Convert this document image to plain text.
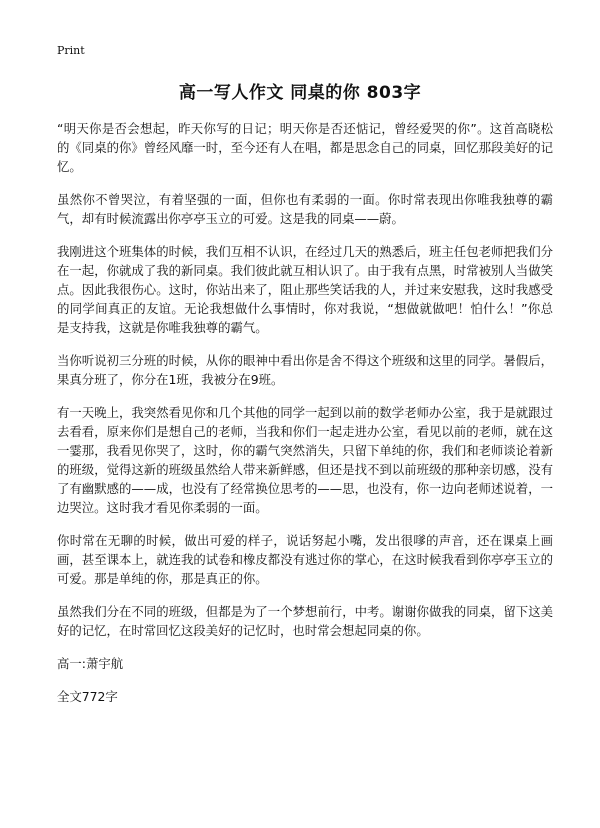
Print
高一写人作文 同桌的你 803字

“明天你是否会想起，昨天你写的日记；明天你是否还惦记，曾经爱哭的你”。这首高晓松的《同桌的你》曾经风靡一时，至今还有人在唱，都是思念自己的同桌，回忆那段美好的记忆。

虽然你不曾哭泣，有着坚强的一面，但你也有柔弱的一面。你时常表现出你唯我独尊的霸气，却有时候流露出你亭亭玉立的可爱。这是我的同桌——蔚。

我刚进这个班集体的时候，我们互相不认识，在经过几天的熟悉后，班主任包老师把我们分在一起，你就成了我的新同桌。我们彼此就互相认识了。由于我有点黑，时常被别人当做笑点。因此我很伤心。这时，你站出来了，阻止那些笑话我的人，并过来安慰我，这时我感受的同学间真正的友谊。无论我想做什么事情时，你对我说，“想做就做吧！怕什么！”你总是支持我，这就是你唯我独尊的霸气。

当你听说初三分班的时候，从你的眼神中看出你是舍不得这个班级和这里的同学。暑假后，果真分班了，你分在1班，我被分在9班。

有一天晚上，我突然看见你和几个其他的同学一起到以前的数学老师办公室，我于是就跟过去看看，原来你们是想自己的老师，当我和你们一起走进办公室，看见以前的老师，就在这一霎那，我看见你哭了，这时，你的霸气突然消失，只留下单纯的你，我们和老师谈论着新的班级，觉得这新的班级虽然给人带来新鲜感，但还是找不到以前班级的那种亲切感，没有了有幽默感的——成，也没有了经常换位思考的——思，也没有，你一边向老师述说着，一边哭泣。这时我才看见你柔弱的一面。

你时常在无聊的时候，做出可爱的样子，说话努起小嘴，发出很嗲的声音，还在课桌上画画，甚至课本上，就连我的试卷和橡皮都没有逃过你的掌心，在这时候我看到你亭亭玉立的可爱。那是单纯的你，那是真正的你。

虽然我们分在不同的班级，但都是为了一个梦想前行，中考。谢谢你做我的同桌，留下这美好的记忆，在时常回忆这段美好的记忆时，也时常会想起同桌的你。

高一:萧宇航

全文772字
